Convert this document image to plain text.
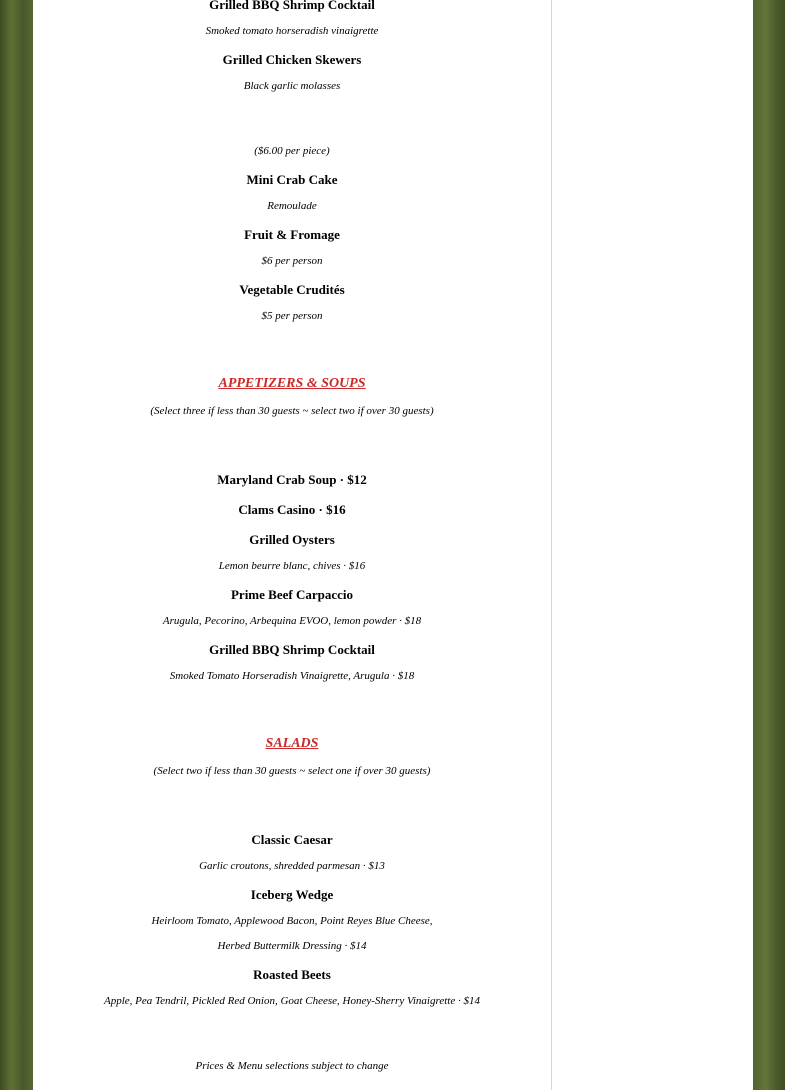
Grilled BBQ Shrimp Cocktail
Smoked tomato horseradish vinaigrette
Grilled Chicken Skewers
Black garlic molasses
($6.00 per piece)
Mini Crab Cake
Remoulade
Fruit & Fromage
$6 per person
Vegetable Crudités
$5 per person
APPETIZERS & SOUPS
(Select three if less than 30 guests ~ select two if over 30 guests)
Maryland Crab Soup · $12
Clams Casino · $16
Grilled Oysters
Lemon beurre blanc, chives · $16
Prime Beef Carpaccio
Arugula, Pecorino, Arbequina EVOO, lemon powder · $18
Grilled BBQ Shrimp Cocktail
Smoked Tomato Horseradish Vinaigrette, Arugula · $18
SALADS
(Select two if less than 30 guests ~ select one if over 30 guests)
Classic Caesar
Garlic croutons, shredded parmesan · $13
Iceberg Wedge
Heirloom Tomato, Applewood Bacon, Point Reyes Blue Cheese,
Herbed Buttermilk Dressing · $14
Roasted Beets
Apple, Pea Tendril, Pickled Red Onion, Goat Cheese, Honey-Sherry Vinaigrette · $14
Prices & Menu selections subject to change
